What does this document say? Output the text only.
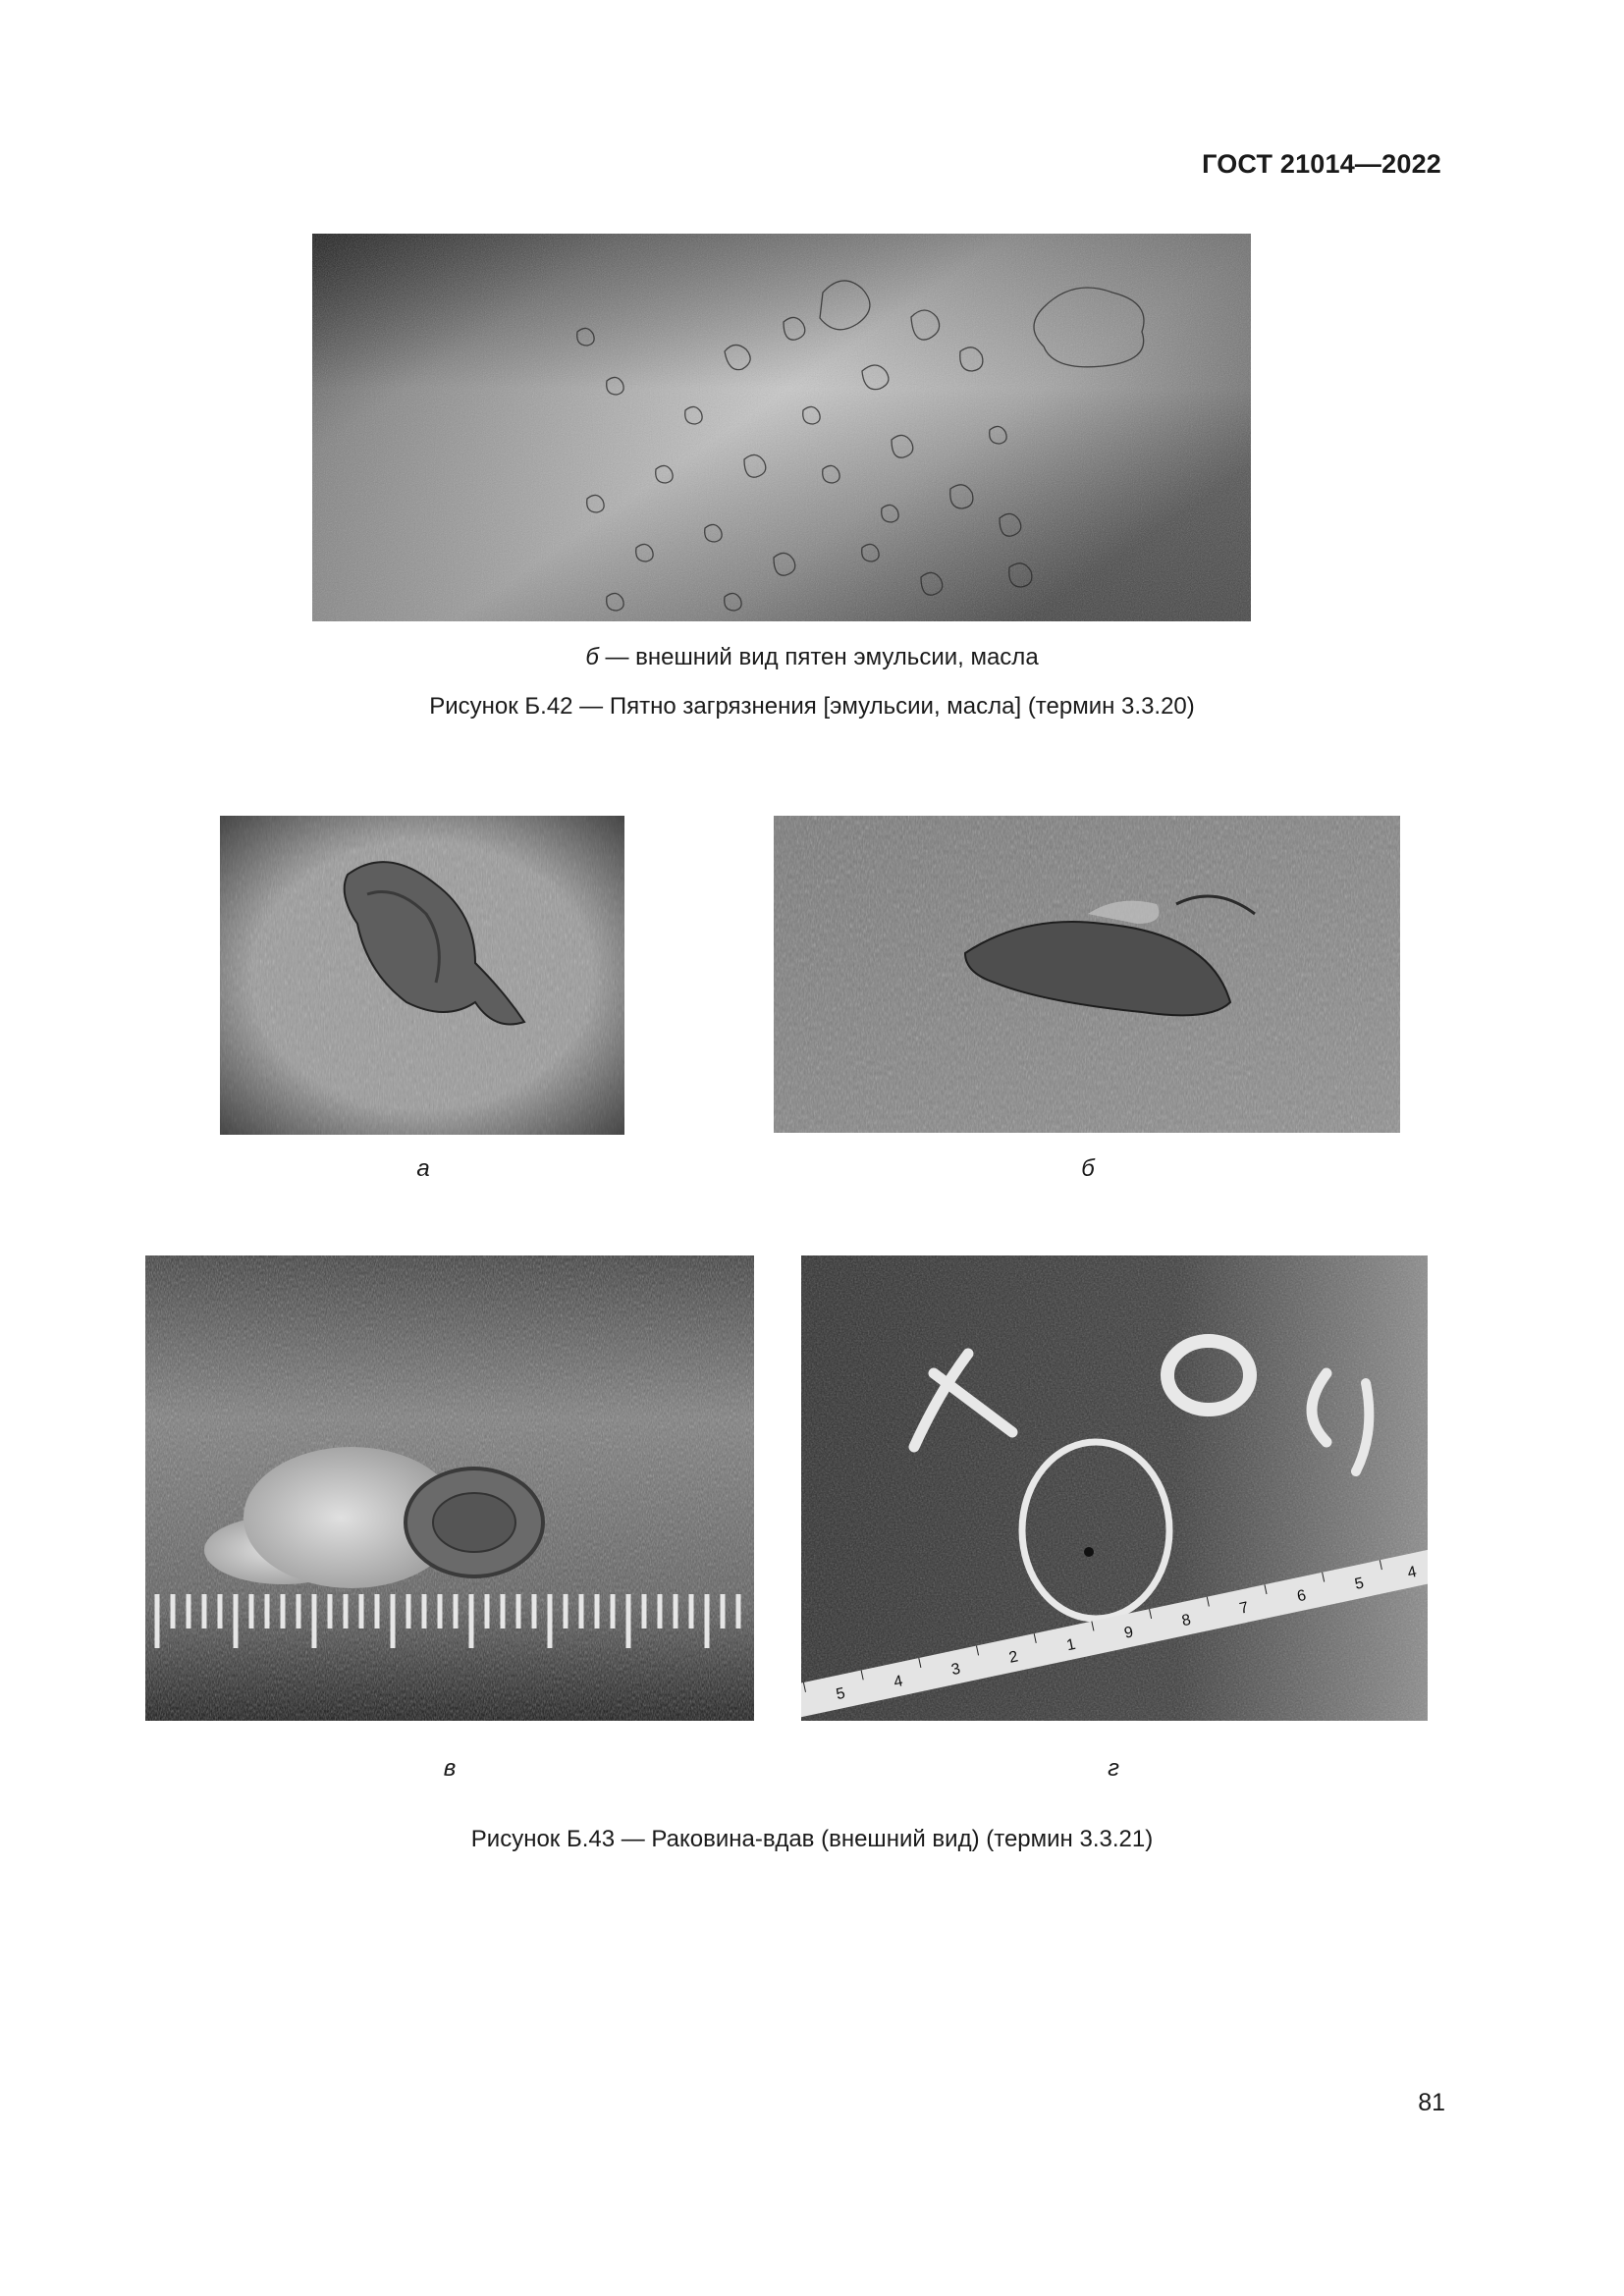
ГОСТ 21014—2022
б — внешний вид пятен эмульсии, масла
Рисунок Б.42 — Пятно загрязнения [эмульсии, масла] (термин 3.3.20)
а	б
в
5
4
3
2
1
9
8
7
6
5
4
г
Рисунок Б.43 — Раковина-вдав (внешний вид) (термин 3.3.21)
81
